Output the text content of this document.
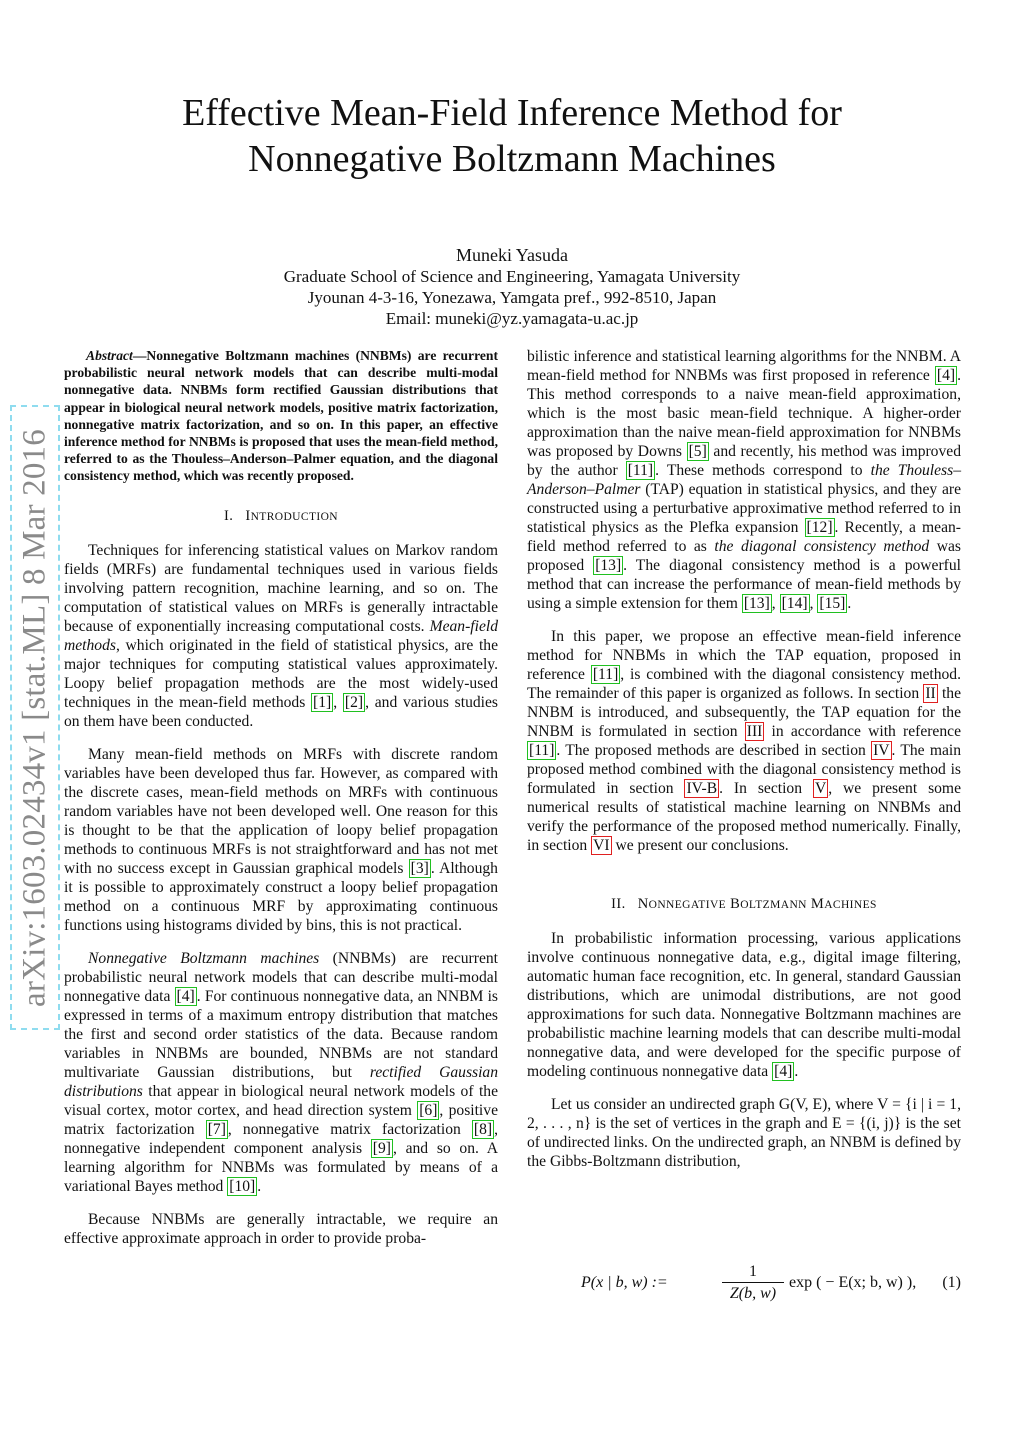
arXiv:1603.02434v1 [stat.ML] 8 Mar 2016
Effective Mean-Field Inference Method for
Nonnegative Boltzmann Machines
Muneki Yasuda
Graduate School of Science and Engineering, Yamagata University
Jyounan 4-3-16, Yonezawa, Yamgata pref., 992-8510, Japan
Email: muneki@yz.yamagata-u.ac.jp

Abstract—Nonnegative Boltzmann machines (NNBMs) are recurrent probabilistic neural network models that can describe multi-modal nonnegative data. NNBMs form rectified Gaussian distributions that appear in biological neural network models, positive matrix factorization, nonnegative matrix factorization, and so on. In this paper, an effective inference method for NNBMs is proposed that uses the mean-field method, referred to as the Thouless–Anderson–Palmer equation, and the diagonal consistency method, which was recently proposed.

I. INTRODUCTION

Techniques for inferencing statistical values on Markov random fields (MRFs) are fundamental techniques used in various fields involving pattern recognition, machine learning, and so on. The computation of statistical values on MRFs is generally intractable because of exponentially increasing computational costs. Mean-field methods, which originated in the field of statistical physics, are the major techniques for computing statistical values approximately. Loopy belief propagation methods are the most widely-used techniques in the mean-field methods [1] , [2] , and various studies on them have been conducted.

Many mean-field methods on MRFs with discrete random variables have been developed thus far. However, as compared with the discrete cases, mean-field methods on MRFs with continuous random variables have not been developed well. One reason for this is thought to be that the application of loopy belief propagation methods to continuous MRFs is not straightforward and has not met with no success except in Gaussian graphical models [3] . Although it is possible to approximately construct a loopy belief propagation method on a continuous MRF by approximating continuous functions using histograms divided by bins, this is not practical.

Nonnegative Boltzmann machines (NNBMs) are recurrent probabilistic neural network models that can describe multi-modal nonnegative data [4] . For continuous nonnegative data, an NNBM is expressed in terms of a maximum entropy distribution that matches the first and second order statistics of the data. Because random variables in NNBMs are bounded, NNBMs are not standard multivariate Gaussian distributions, but rectified Gaussian distributions that appear in biological neural network models of the visual cortex, motor cortex, and head direction system [6] , positive matrix factorization [7] , nonnegative matrix factorization [8] , nonnegative independent component analysis [9] , and so on. A learning algorithm for NNBMs was formulated by means of a variational Bayes method [10] .

Because NNBMs are generally intractable, we require an effective approximate approach in order to provide proba-

bilistic inference and statistical learning algorithms for the NNBM. A mean-field method for NNBMs was first proposed in reference [4] . This method corresponds to a naive mean-field approximation, which is the most basic mean-field technique. A higher-order approximation than the naive mean-field approximation for NNBMs was proposed by Downs [5] and recently, his method was improved by the author [11] . These methods correspond to the Thouless–Anderson–Palmer (TAP) equation in statistical physics, and they are constructed using a perturbative approximative method referred to in statistical physics as the Plefka expansion [12] . Recently, a mean-field method referred to as the diagonal consistency method was proposed [13] . The diagonal consistency method is a powerful method that can increase the performance of mean-field methods by using a simple extension for them [13] , [14] , [15] .

In this paper, we propose an effective mean-field inference method for NNBMs in which the TAP equation, proposed in reference [11] , is combined with the diagonal consistency method. The remainder of this paper is organized as follows. In section II the NNBM is introduced, and subsequently, the TAP equation for the NNBM is formulated in section III in accordance with reference [11] . The proposed methods are described in section IV . The main proposed method combined with the diagonal consistency method is formulated in section IV-B . In section V , we present some numerical results of statistical machine learning on NNBMs and verify the performance of the proposed method numerically. Finally, in section VI we present our conclusions.

II. NONNEGATIVE BOLTZMANN MACHINES

In probabilistic information processing, various applications involve continuous nonnegative data, e.g., digital image filtering, automatic human face recognition, etc. In general, standard Gaussian distributions, which are unimodal distributions, are not good approximations for such data. Nonnegative Boltzmann machines are probabilistic machine learning models that can describe multi-modal nonnegative data, and were developed for the specific purpose of modeling continuous nonnegative data [4] .

Let us consider an undirected graph G(V, E), where V = {i | i = 1, 2, . . . , n} is the set of vertices in the graph and E = {(i, j)} is the set of undirected links. On the undirected graph, an NNBM is defined by the Gibbs-Boltzmann distribution,

P(x | b, w) :=	$\frac{1}{Z(b, w)}$ exp ( − E(x; b, w) ), (1)
